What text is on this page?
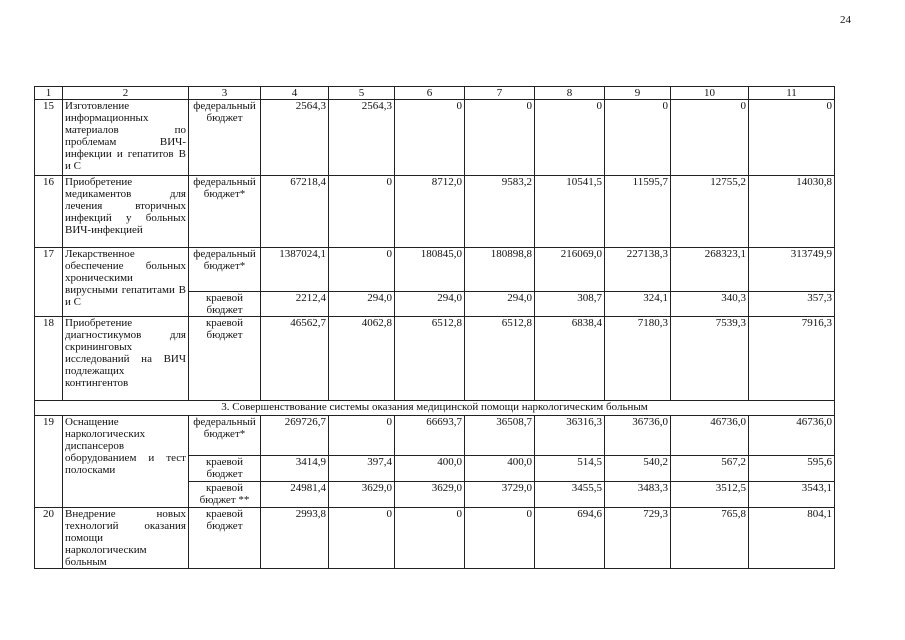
24
1	2	3	4	5	6	7	8	9	10	11
15	Изготовление информационных материалов по проблемам ВИЧ-инфекции и гепатитов В и С	федеральный бюджет	2564,3	2564,3	0	0	0	0	0	0
16	Приобретение медикаментов для лечения вторичных инфекций у больных ВИЧ-инфекцией	федеральный бюджет*	67218,4	0	8712,0	9583,2	10541,5	11595,7	12755,2	14030,8
17	Лекарственное обеспечение больных хроническими вирусными гепатитами В и С	федеральный бюджет*	1387024,1	0	180845,0	180898,8	216069,0	227138,3	268323,1	313749,9
		краевой бюджет	2212,4	294,0	294,0	294,0	308,7	324,1	340,3	357,3
18	Приобретение диагностикумов для скрининговых исследований на ВИЧ подлежащих контингентов	краевой бюджет	46562,7	4062,8	6512,8	6512,8	6838,4	7180,3	7539,3	7916,3
3. Совершенствование системы оказания медицинской помощи наркологическим больным										
19	Оснащение наркологических диспансеров оборудованием и тест полосками	федеральный бюджет*	269726,7	0	66693,7	36508,7	36316,3	36736,0	46736,0	46736,0
		краевой бюджет	3414,9	397,4	400,0	400,0	514,5	540,2	567,2	595,6
		краевой бюджет **	24981,4	3629,0	3629,0	3729,0	3455,5	3483,3	3512,5	3543,1
20	Внедрение новых технологий оказания помощи наркологическим больным	краевой бюджет	2993,8	0	0	0	694,6	729,3	765,8	804,1
